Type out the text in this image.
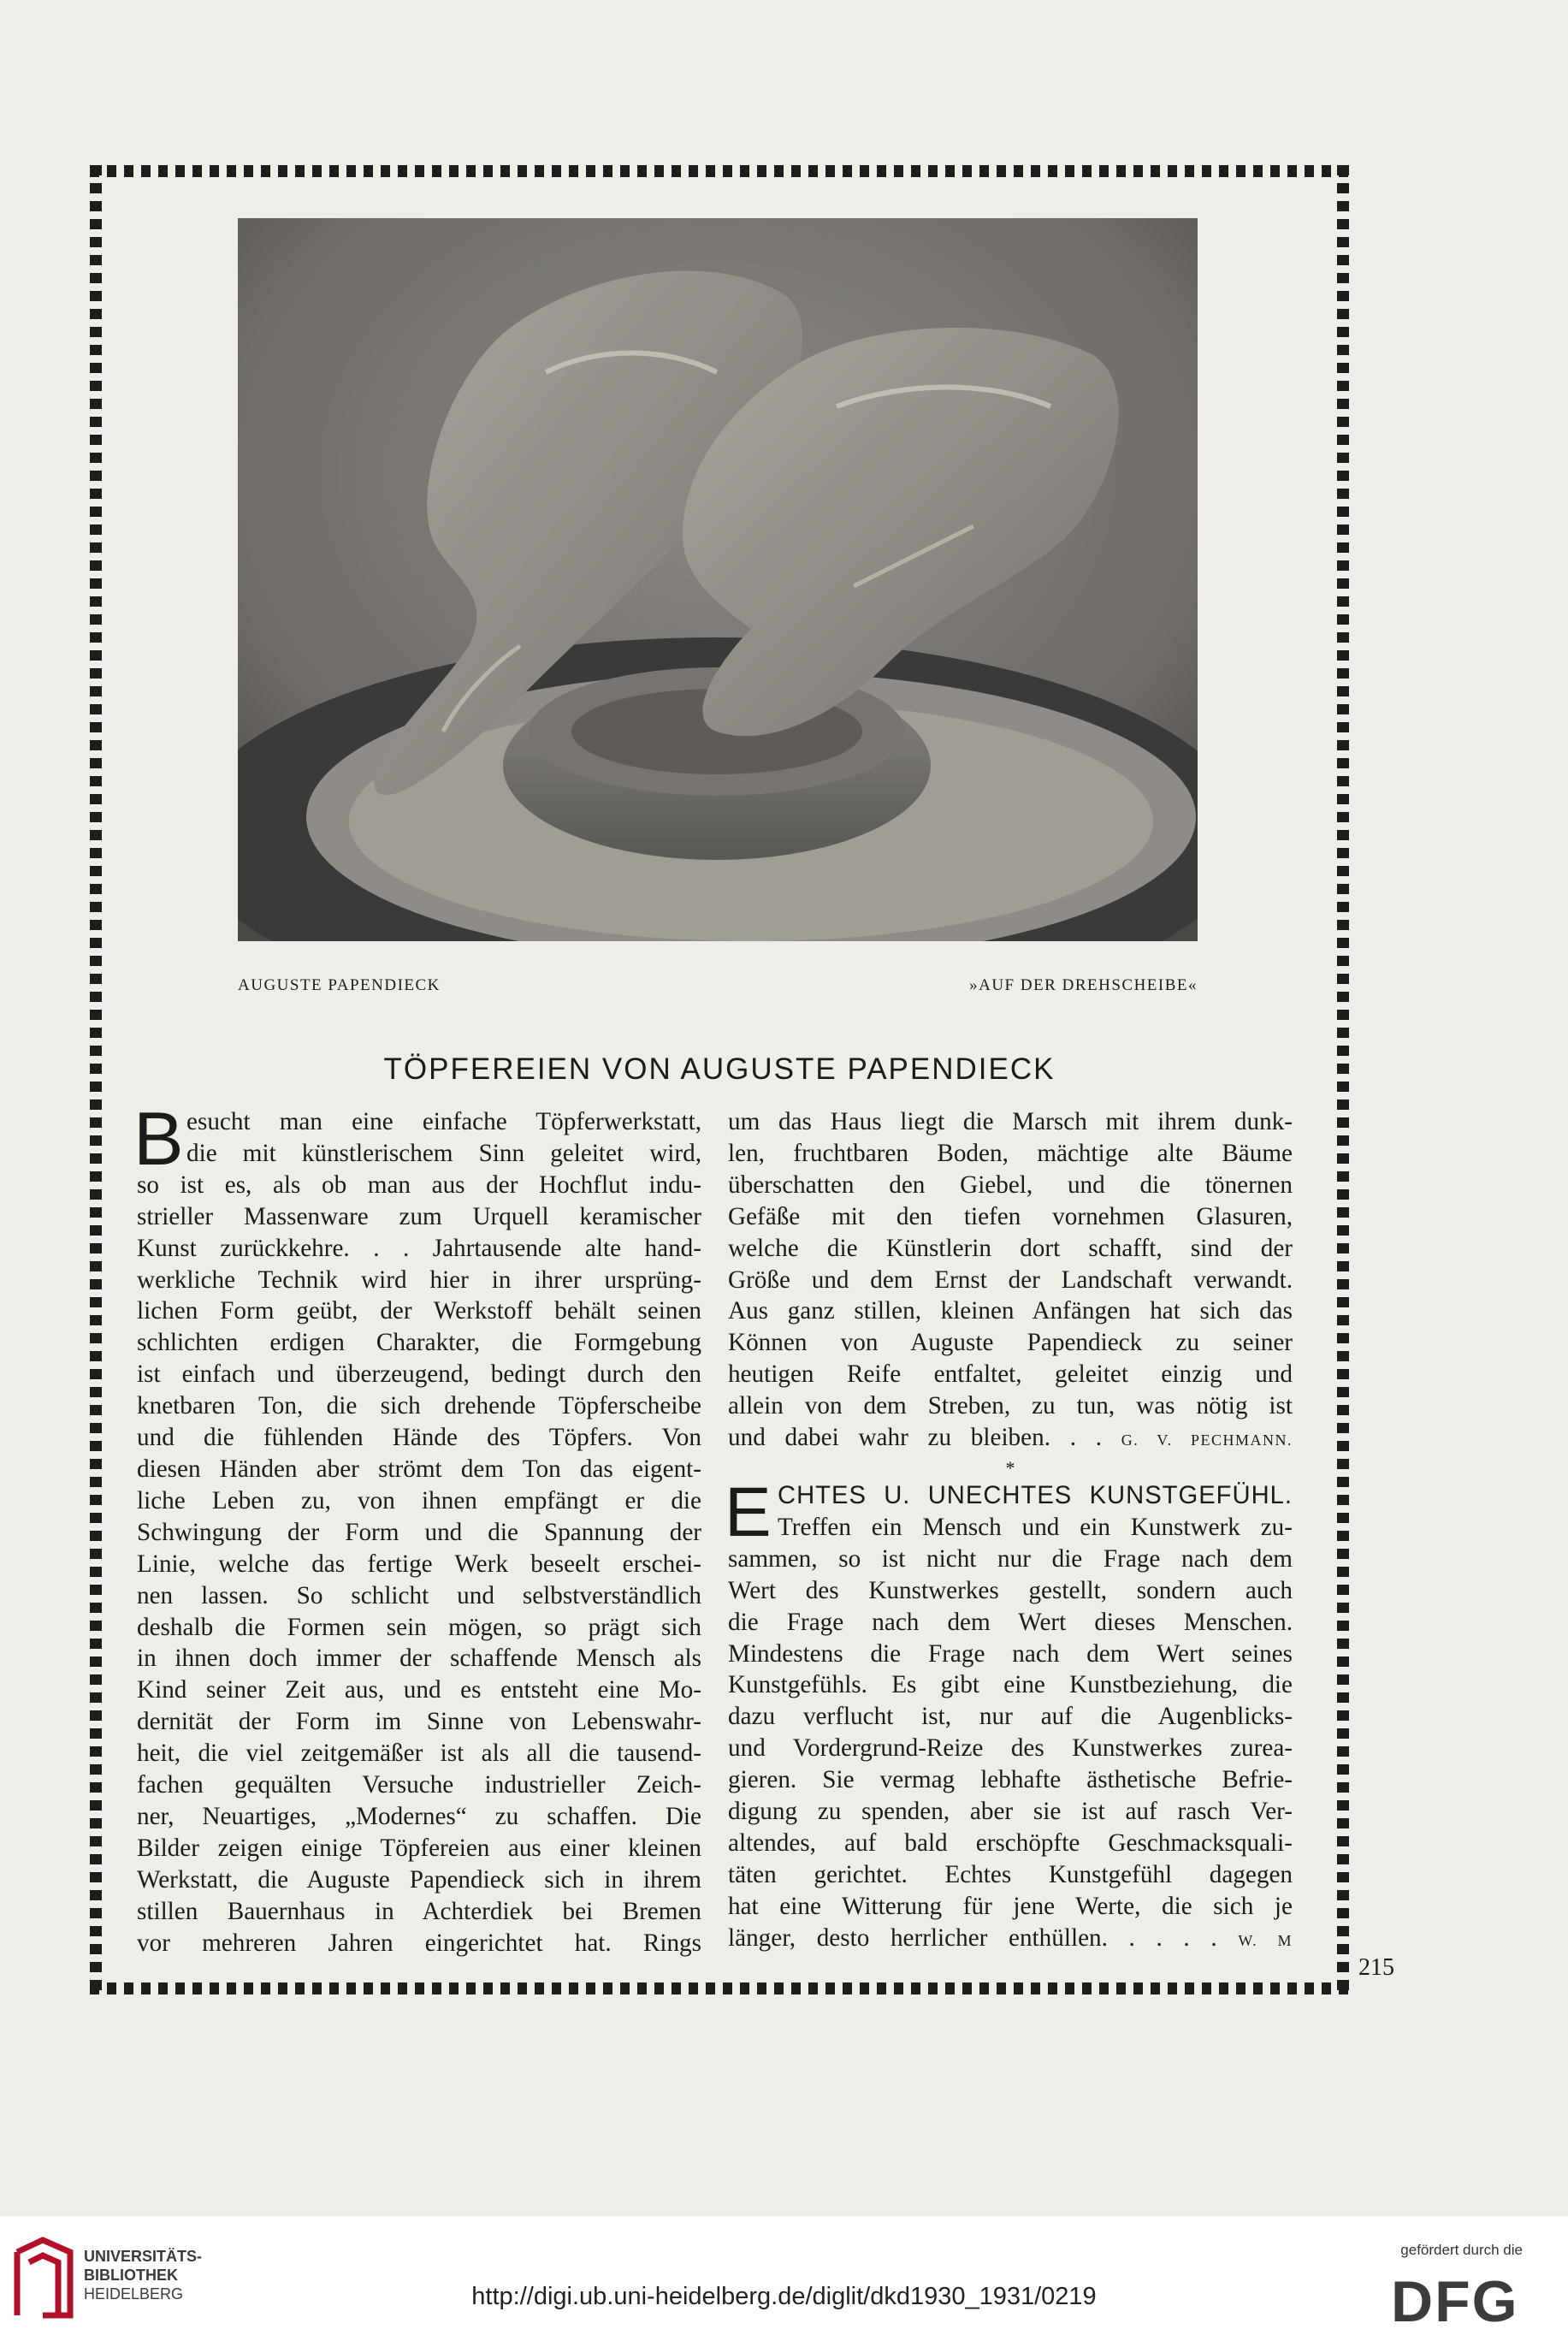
AUGUSTE PAPENDIECK	»AUF DER DREHSCHEIBE«
TÖPFEREIEN VON AUGUSTE PAPENDIECK
B esucht man eine einfache Töpferwerkstatt,
die mit künstlerischem Sinn geleitet wird,
so ist es, als ob man aus der Hochflut indu-
strieller Massenware zum Urquell keramischer
Kunst zurückkehre. . . Jahrtausende alte hand-
werkliche Technik wird hier in ihrer ursprüng-
lichen Form geübt, der Werkstoff behält seinen
schlichten erdigen Charakter, die Formgebung
ist einfach und überzeugend, bedingt durch den
knetbaren Ton, die sich drehende Töpferscheibe
und die fühlenden Hände des Töpfers. Von
diesen Händen aber strömt dem Ton das eigent-
liche Leben zu, von ihnen empfängt er die
Schwingung der Form und die Spannung der
Linie, welche das fertige Werk beseelt erschei-
nen lassen. So schlicht und selbstverständlich
deshalb die Formen sein mögen, so prägt sich
in ihnen doch immer der schaffende Mensch als
Kind seiner Zeit aus, und es entsteht eine Mo-
dernität der Form im Sinne von Lebenswahr-
heit, die viel zeitgemäßer ist als all die tausend-
fachen gequälten Versuche industrieller Zeich-
ner, Neuartiges, „Modernes“ zu schaffen. Die
Bilder zeigen einige Töpfereien aus einer kleinen
Werkstatt, die Auguste Papendieck sich in ihrem
stillen Bauernhaus in Achterdiek bei Bremen
vor mehreren Jahren eingerichtet hat. Rings
um das Haus liegt die Marsch mit ihrem dunk-
len, fruchtbaren Boden, mächtige alte Bäume
überschatten den Giebel, und die tönernen
Gefäße mit den tiefen vornehmen Glasuren,
welche die Künstlerin dort schafft, sind der
Größe und dem Ernst der Landschaft verwandt.
Aus ganz stillen, kleinen Anfängen hat sich das
Können von Auguste Papendieck zu seiner
heutigen Reife entfaltet, geleitet einzig und
allein von dem Streben, zu tun, was nötig ist
und dabei wahr zu bleiben. . . G. V. PECHMANN.
*
E CHTES U. UNECHTES KUNSTGEFÜHL.
Treffen ein Mensch und ein Kunstwerk zu-
sammen, so ist nicht nur die Frage nach dem
Wert des Kunstwerkes gestellt, sondern auch
die Frage nach dem Wert dieses Menschen.
Mindestens die Frage nach dem Wert seines
Kunstgefühls. Es gibt eine Kunstbeziehung, die
dazu verflucht ist, nur auf die Augenblicks-
und Vordergrund-Reize des Kunstwerkes zurea-
gieren. Sie vermag lebhafte ästhetische Befrie-
digung zu spenden, aber sie ist auf rasch Ver-
altendes, auf bald erschöpfte Geschmacksquali-
täten gerichtet. Echtes Kunstgefühl dagegen
hat eine Witterung für jene Werte, die sich je
länger, desto herrlicher enthüllen. . . . . W. M
215
UNIVERSITÄTS-
BIBLIOTHEK
HEIDELBERG	http://digi.ub.uni-heidelberg.de/diglit/dkd1930_1931/0219
gefördert durch die
DFG
